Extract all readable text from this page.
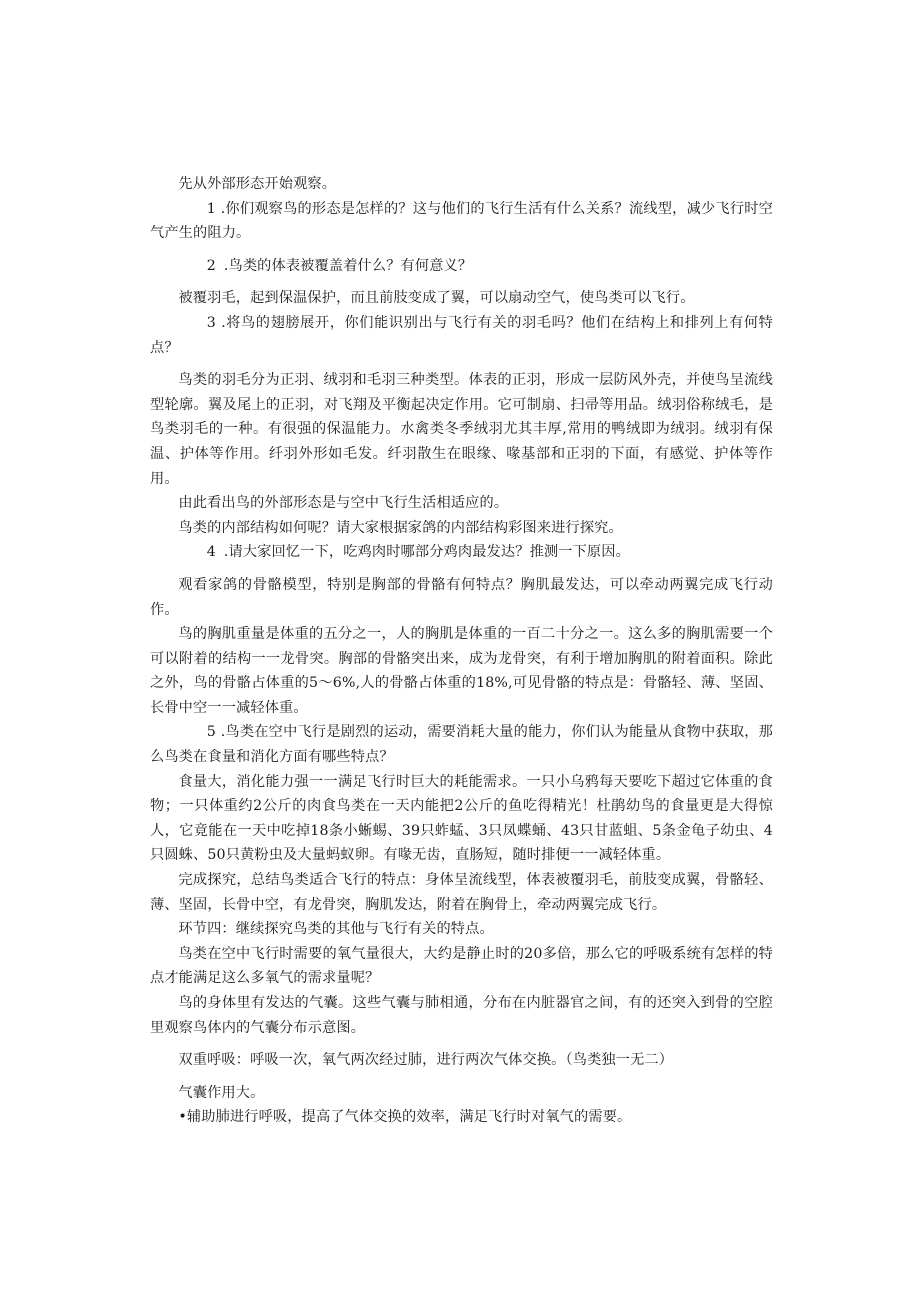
先从外部形态开始观察。

1 .你们观察鸟的形态是怎样的？这与他们的飞行生活有什么关系？流线型，减少飞行时空气产生的阻力。

2 .鸟类的体表被覆盖着什么？有何意义？

被覆羽毛，起到保温保护，而且前肢变成了翼，可以扇动空气，使鸟类可以飞行。

3 .将鸟的翅膀展开，你们能识别出与飞行有关的羽毛吗？他们在结构上和排列上有何特点？

鸟类的羽毛分为正羽、绒羽和毛羽三种类型。体表的正羽，形成一层防风外壳，并使鸟呈流线型轮廓。翼及尾上的正羽，对飞翔及平衡起决定作用。它可制扇、扫帚等用品。绒羽俗称绒毛，是鸟类羽毛的一种。有很强的保温能力。水禽类冬季绒羽尤其丰厚,常用的鸭绒即为绒羽。绒羽有保温、护体等作用。纤羽外形如毛发。纤羽散生在眼缘、喙基部和正羽的下面，有感觉、护体等作用。

由此看出鸟的外部形态是与空中飞行生活相适应的。

鸟类的内部结构如何呢？请大家根据家鸽的内部结构彩图来进行探究。

4 .请大家回忆一下，吃鸡肉时哪部分鸡肉最发达？推测一下原因。

观看家鸽的骨骼模型，特别是胸部的骨骼有何特点？胸肌最发达，可以牵动两翼完成飞行动作。

鸟的胸肌重量是体重的五分之一，人的胸肌是体重的一百二十分之一。这么多的胸肌需要一个可以附着的结构一一龙骨突。胸部的骨骼突出来，成为龙骨突，有利于增加胸肌的附着面积。除此之外，鸟的骨骼占体重的5～6%,人的骨骼占体重的18%,可见骨骼的特点是：骨骼轻、薄、坚固、长骨中空一一减轻体重。

5 .鸟类在空中飞行是剧烈的运动，需要消耗大量的能力，你们认为能量从食物中获取，那么鸟类在食量和消化方面有哪些特点？

食量大，消化能力强一一满足飞行时巨大的耗能需求。一只小乌鸦每天要吃下超过它体重的食物；一只体重约2公斤的肉食鸟类在一天内能把2公斤的鱼吃得精光！杜鹃幼鸟的食量更是大得惊人，它竟能在一天中吃掉18条小蜥蜴、39只蚱蜢、3只凤蝶蛹、43只甘蓝蛆、5条金龟子幼虫、4只圆蛛、50只黄粉虫及大量蚂蚁卵。有喙无齿，直肠短，随时排便一一减轻体重。

完成探究，总结鸟类适合飞行的特点：身体呈流线型，体表被覆羽毛，前肢变成翼，骨骼轻、薄、坚固，长骨中空，有龙骨突，胸肌发达，附着在胸骨上，牵动两翼完成飞行。

环节四：继续探究鸟类的其他与飞行有关的特点。

鸟类在空中飞行时需要的氧气量很大，大约是静止时的20多倍，那么它的呼吸系统有怎样的特点才能满足这么多氧气的需求量呢？

鸟的身体里有发达的气囊。这些气囊与肺相通，分布在内脏器官之间，有的还突入到骨的空腔里观察鸟体内的气囊分布示意图。

双重呼吸：呼吸一次，氧气两次经过肺，进行两次气体交换。（鸟类独一无二）

气囊作用大。

• 辅助肺进行呼吸，提高了气体交换的效率，满足飞行时对氧气的需要。
